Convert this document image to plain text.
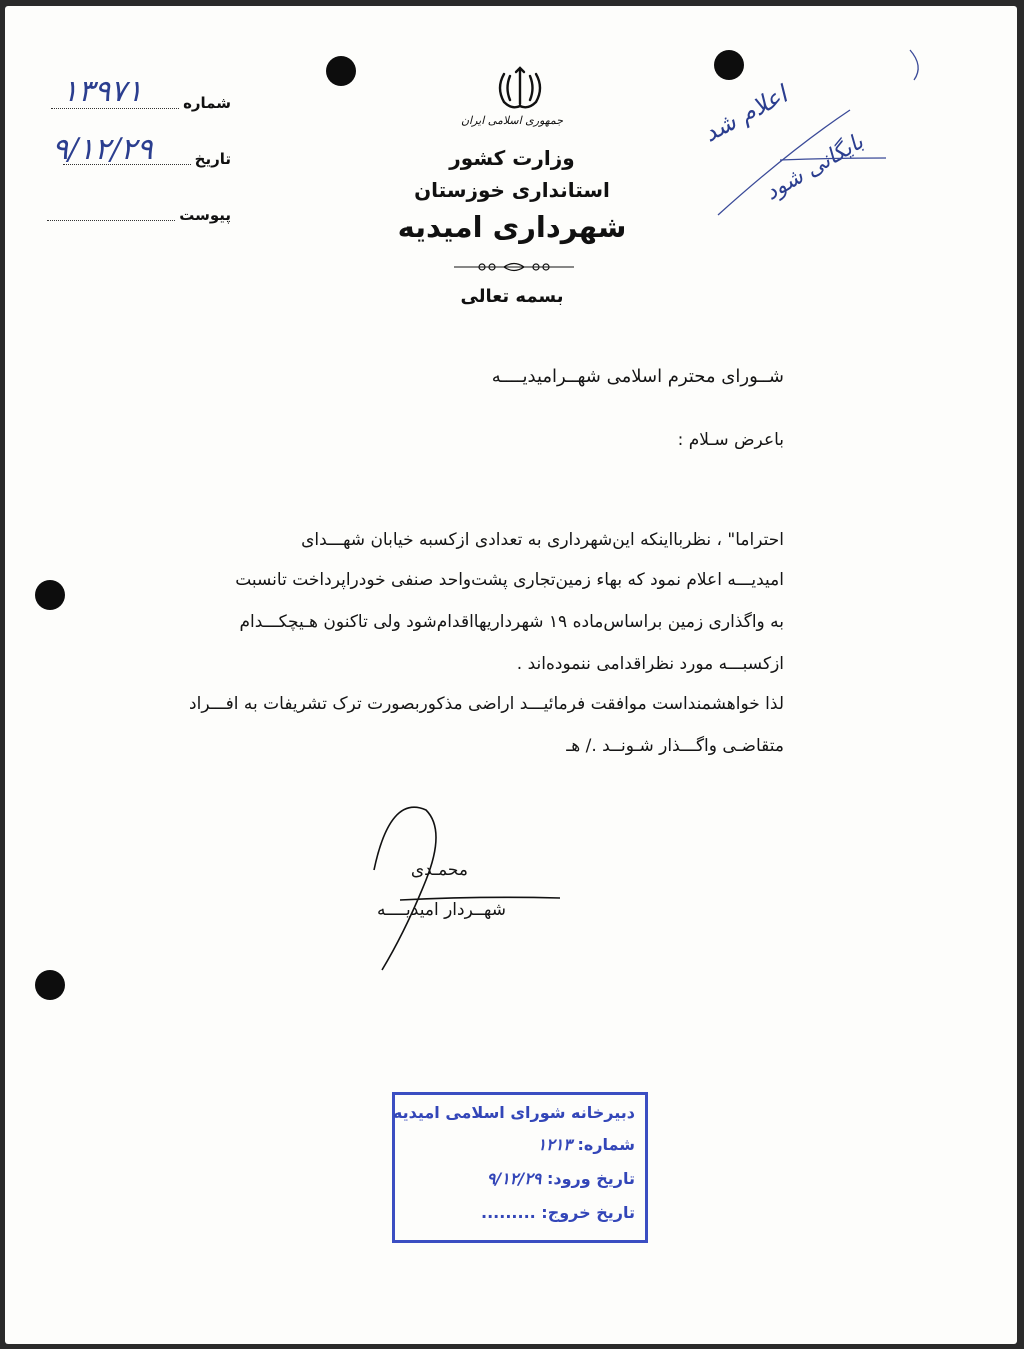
شماره
۱۳۹۷۱
تاریخ
۹/۱۲/۲۹
پیوست
جمهوری اسلامی ایران
وزارت کشور
استانداری خوزستان
شهرداری امیدیه
بسمه تعالی
اعلام شد
بایگانی شود
شــورای محترم اسلامی شهــرامیدیــــه
باعرض سـلام :
احتراما" ، نظربااینکه این‌شهرداری به تعدادی ازکسبه خیابان شهـــدای
امیدیـــه اعلام نمود که بهاء زمین‌تجاری پشت‌واحد صنفی خودراپرداخت تانسبت
به واگذاری زمین براساس‌ماده ۱۹ شهرداریهااقدام‌شود ولی تاکنون هـیچکـــدام
ازکسبـــه مورد نظراقدامی ننموده‌اند .
لذا خواهشمنداست موافقت فرمائیـــد اراضی مذکوربصورت ترک تشریفات به افـــراد
متقاضـی واگـــذار شـونــد ./ هـ
محمـدی
شهــردار امیدیــــه
دبیرخانه شورای اسلامی امیدیه
شماره: ۱۲۱۳
تاریخ ورود: ۹/۱۲/۲۹
تاریخ خروج: .........
